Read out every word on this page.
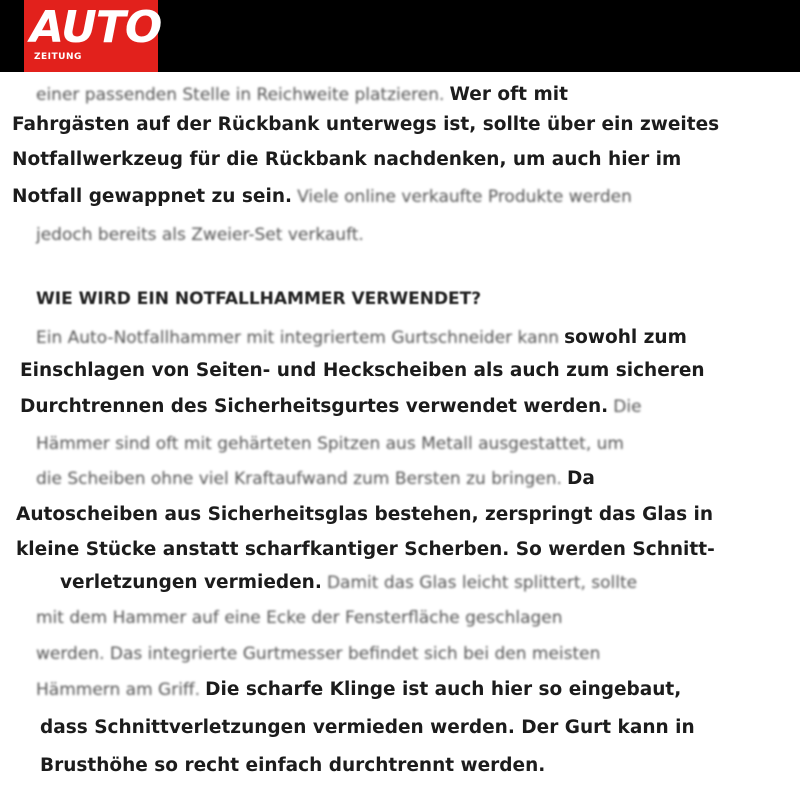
AUTO
ZEITUNG
einer passenden Stelle in Reichweite platzieren. Wer oft mit
Fahrgästen auf der Rückbank unterwegs ist, sollte über ein zweites
Notfallwerkzeug für die Rückbank nachdenken, um auch hier im
Notfall gewappnet zu sein. Viele online verkaufte Produkte werden
jedoch bereits als Zweier-Set verkauft.
WIE WIRD EIN NOTFALLHAMMER VERWENDET?
Ein Auto-Notfallhammer mit integriertem Gurtschneider kann sowohl zum
Einschlagen von Seiten- und Heckscheiben als auch zum sicheren
Durchtrennen des Sicherheitsgurtes verwendet werden. Die
Hämmer sind oft mit gehärteten Spitzen aus Metall ausgestattet, um
die Scheiben ohne viel Kraftaufwand zum Bersten zu bringen. Da
Autoscheiben aus Sicherheitsglas bestehen, zerspringt das Glas in
kleine Stücke anstatt scharfkantiger Scherben. So werden Schnitt-
verletzungen vermieden. Damit das Glas leicht splittert, sollte
mit dem Hammer auf eine Ecke der Fensterfläche geschlagen
werden. Das integrierte Gurtmesser befindet sich bei den meisten
Hämmern am Griff. Die scharfe Klinge ist auch hier so eingebaut,
dass Schnittverletzungen vermieden werden. Der Gurt kann in
Brusthöhe so recht einfach durchtrennt werden.
